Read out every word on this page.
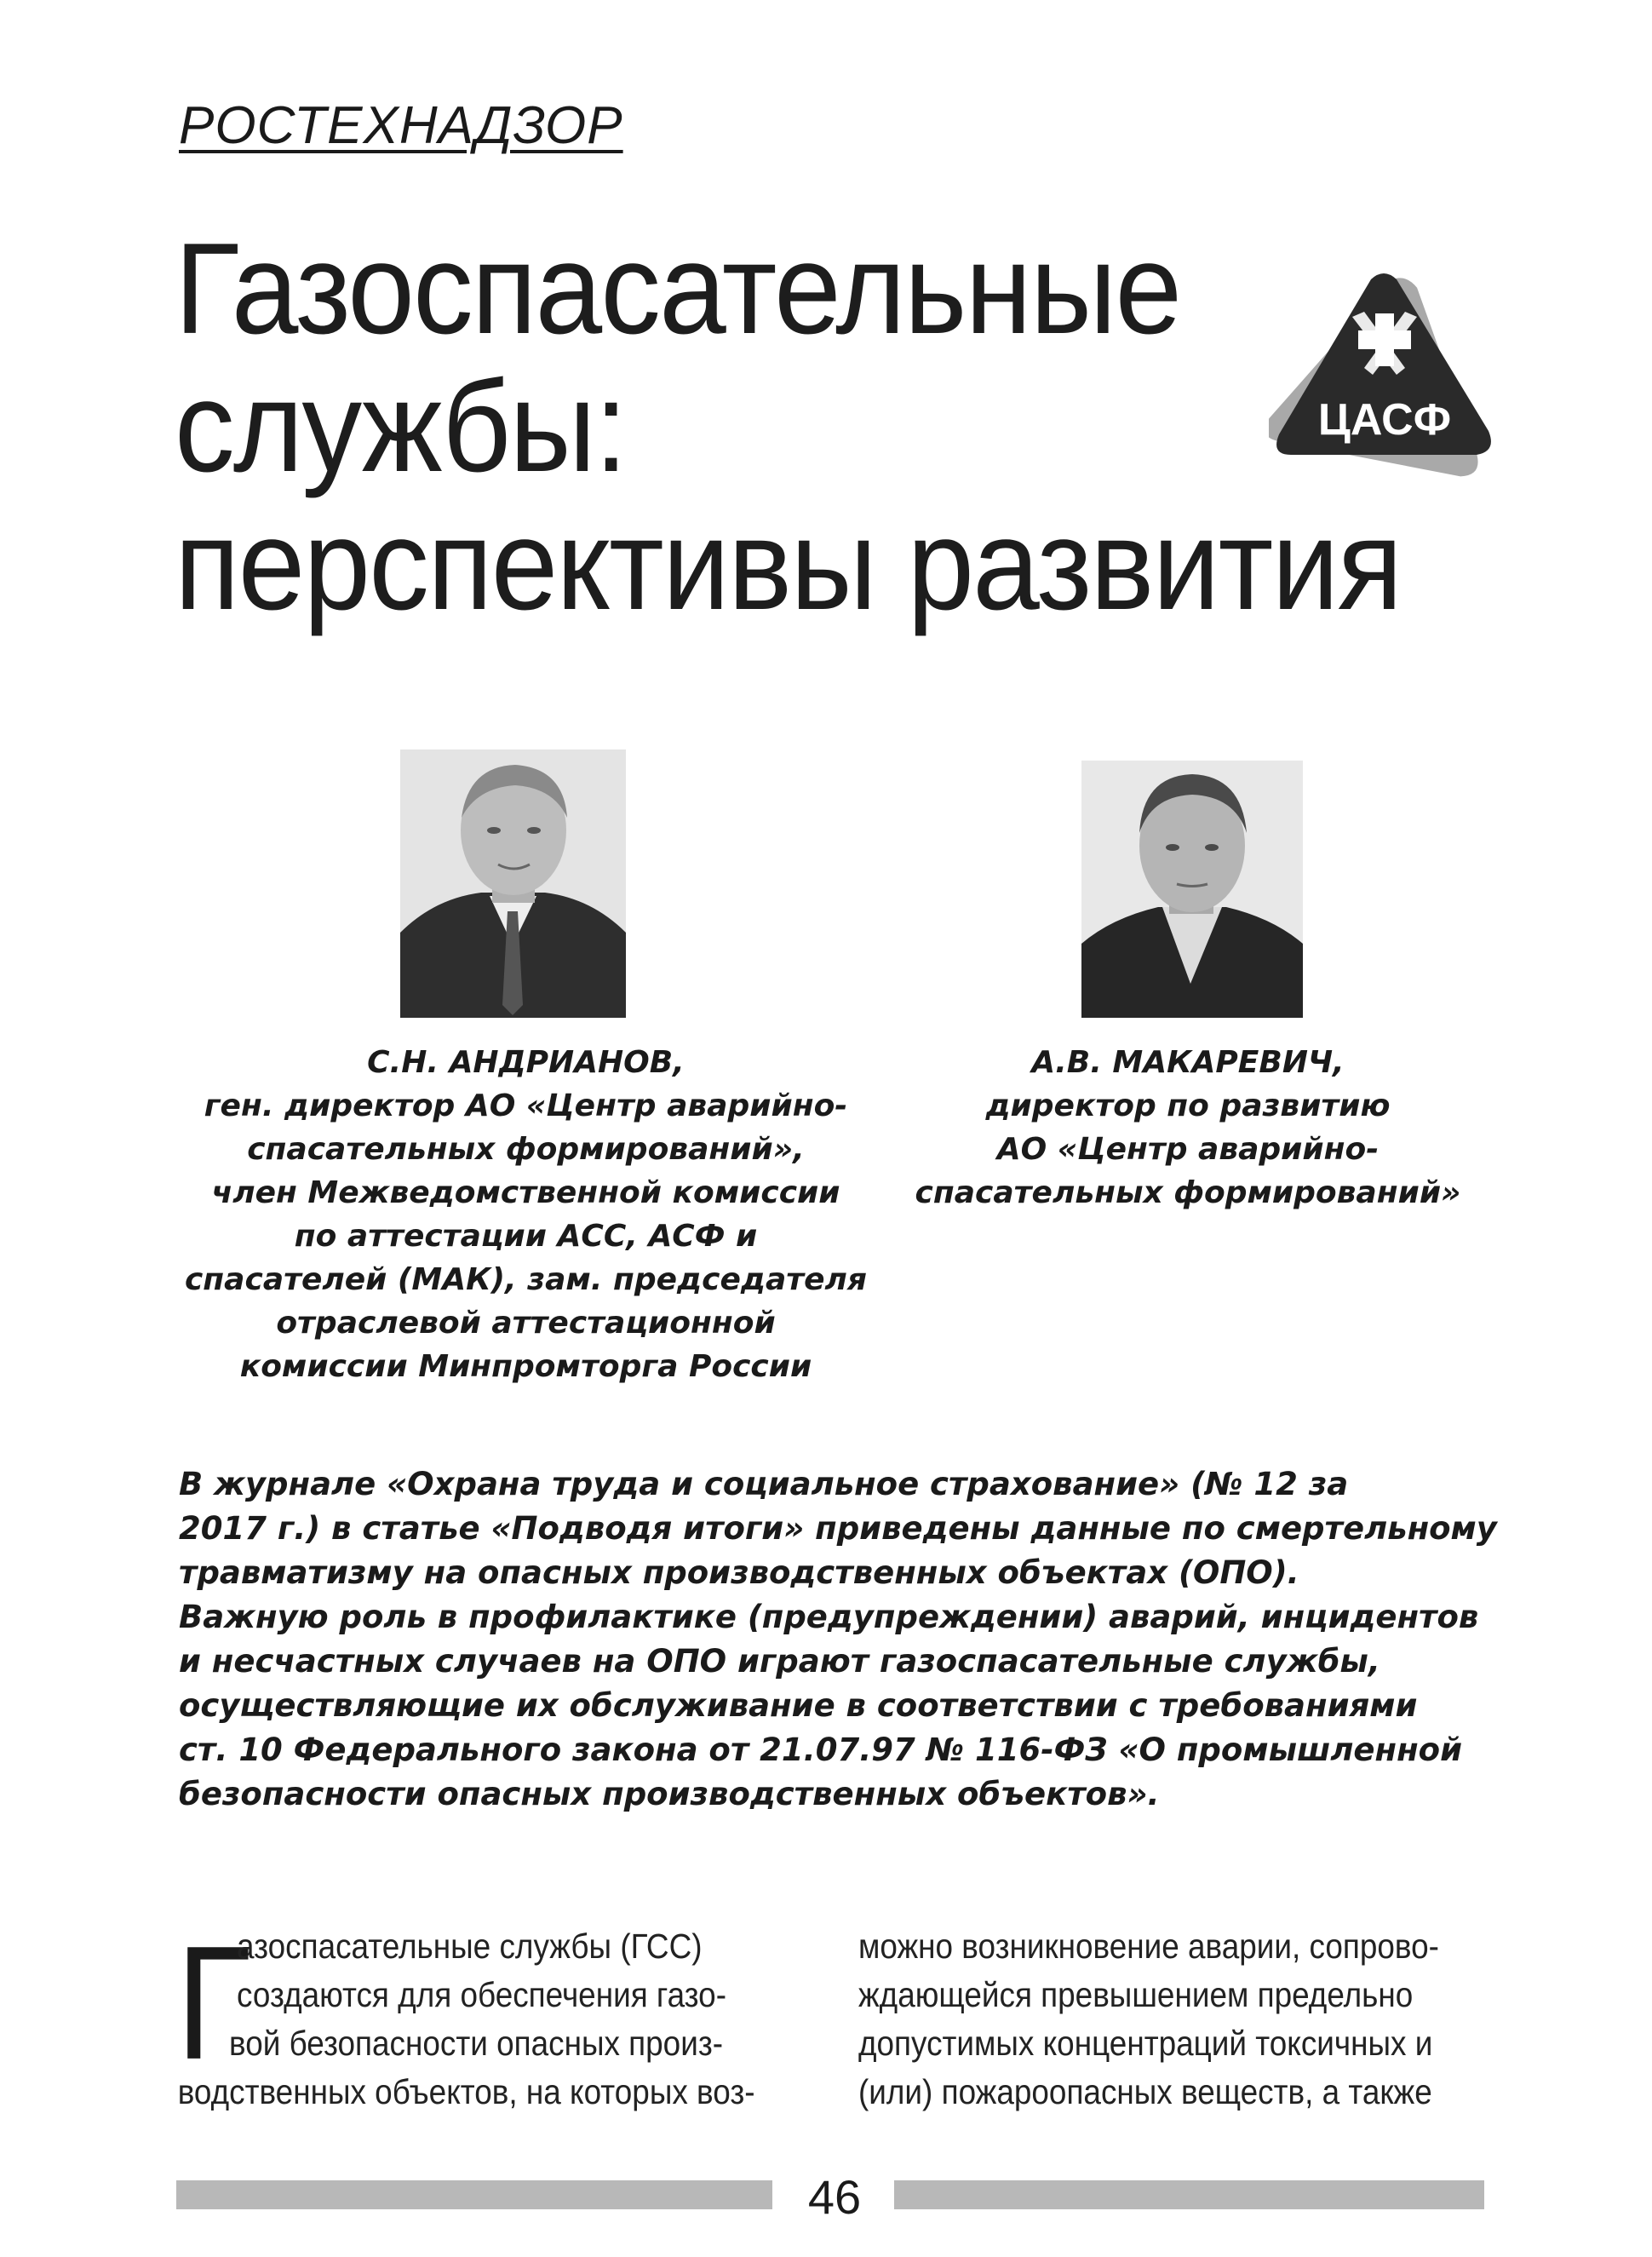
РОСТЕХНАДЗОР
Газоспасательные
службы:
перспективы развития
ЦАСФ
С.Н. АНДРИАНОВ,
ген. директор АО «Центр аварийно-
спасательных формирований»,
член Межведомственной комиссии
по аттестации АСС, АСФ и
спасателей (МАК), зам. председателя
отраслевой аттестационной
комиссии Минпромторга России
А.В. МАКАРЕВИЧ,
директор по развитию
АО «Центр аварийно-
спасательных формирований»
В журнале «Охрана труда и социальное страхование» (№ 12 за
2017 г.) в статье «Подводя итоги» приведены данные по смертельному
травматизму на опасных производственных объектах (ОПО).
Важную роль в профилактике (предупреждении) аварий, инцидентов
и несчастных случаев на ОПО играют газоспасательные службы,
осуществляющие их обслуживание в соответствии с требованиями
ст. 10 Федерального закона от 21.07.97 № 116-ФЗ «О промышленной
безопасности опасных производственных объектов».
Г
азоспасательные службы (ГСС)
создаются для обеспечения газо-
вой безопасности опасных произ-
водственных объектов, на которых воз-
можно возникновение аварии, сопрово-
ждающейся превышением предельно
допустимых концентраций токсичных и
(или) пожароопасных веществ, а также
46
